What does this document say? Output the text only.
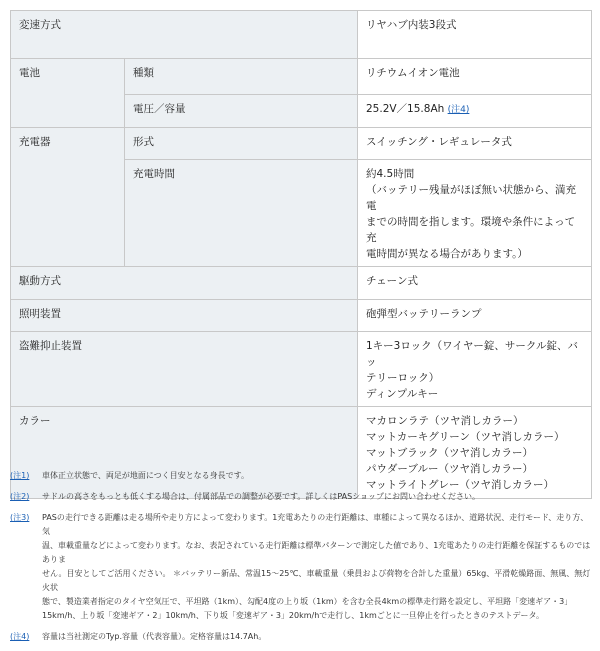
変速方式		リヤハブ内装3段式
電池	種類	リチウムイオン電池
	電圧／容量	25.2V／15.8Ah (注4)
充電器	形式	スイッチング・レギュレータ式
	充電時間	約4.5時間
（バッテリー残量がほぼ無い状態から、満充電
までの時間を指します。環境や条件によって充
電時間が異なる場合があります。）
駆動方式		チェーン式
照明装置		砲弾型バッテリーランプ
盗難抑止装置		1キー3ロック（ワイヤー錠、サークル錠、バッ
テリーロック）
ディンプルキー
カラー		マカロンラテ（ツヤ消しカラー）
マットカーキグリーン（ツヤ消しカラー）
マットブラック（ツヤ消しカラー）
パウダーブルー（ツヤ消しカラー）
マットライトグレー（ツヤ消しカラー）
(注1)	車体正立状態で、両足が地面につく目安となる身長です。
(注2)	サドルの高さをもっとも低くする場合は、付属部品での調整が必要です。詳しくはPASショップにお問い合わせください。
(注3)	PASの走行できる距離は走る場所や走り方によって変わります。1充電あたりの走行距離は、車種によって異なるほか、道路状況、走行モード、走り方、気
温、車載重量などによって変わります。なお、表記されている走行距離は標準パターンで測定した値であり、1充電あたりの走行距離を保証するものではありま
せん。目安としてご活用ください。 ＊バッテリー新品、常温15〜25℃、車載重量（乗員および荷物を合計した重量）65kg、平滑乾燥路面、無風、無灯火状
態で、製造業者指定のタイヤ空気圧で、平坦路（1km）、勾配4度の上り坂（1km）を含む全長4kmの標準走行路を設定し、平坦路「変速ギア・3」
15km/h、上り坂「変速ギア・2」10km/h、下り坂「変速ギア・3」20km/hで走行し、1kmごとに一旦停止を行ったときのテストデータ。
(注4)	容量は当社測定のTyp.容量（代表容量）。定格容量は14.7Ah。
